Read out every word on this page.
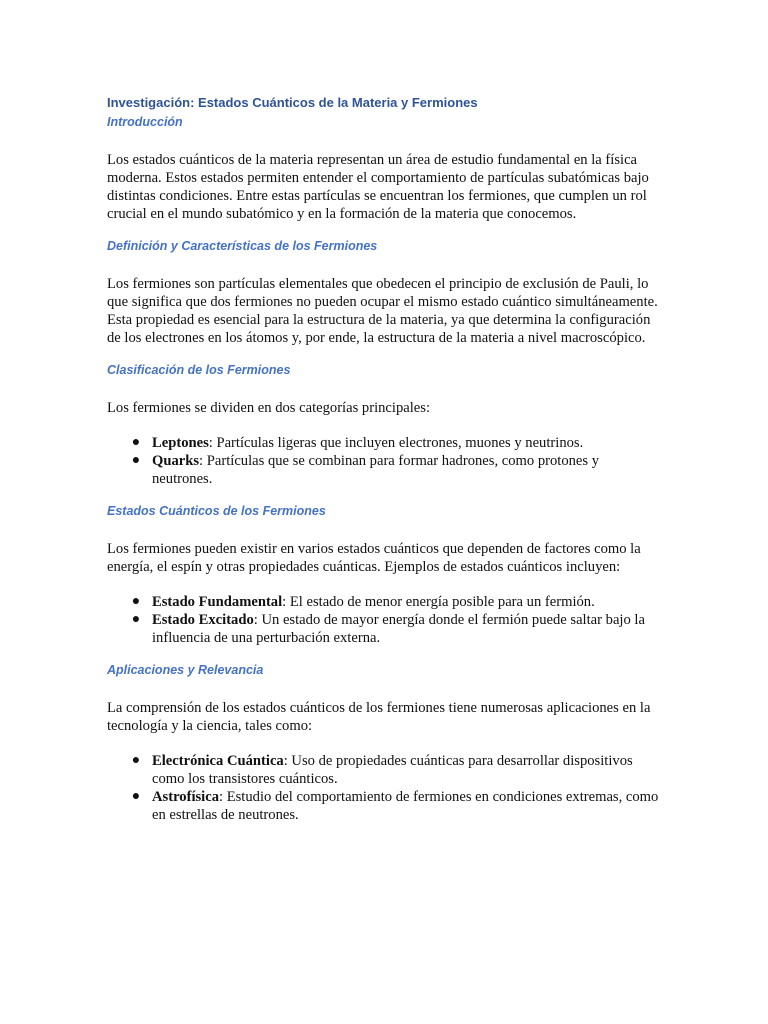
Investigación: Estados Cuánticos de la Materia y Fermiones
Introducción

Los estados cuánticos de la materia representan un área de estudio fundamental en la física moderna. Estos estados permiten entender el comportamiento de partículas subatómicas bajo distintas condiciones. Entre estas partículas se encuentran los fermiones, que cumplen un rol crucial en el mundo subatómico y en la formación de la materia que conocemos.

Definición y Características de los Fermiones

Los fermiones son partículas elementales que obedecen el principio de exclusión de Pauli, lo que significa que dos fermiones no pueden ocupar el mismo estado cuántico simultáneamente. Esta propiedad es esencial para la estructura de la materia, ya que determina la configuración de los electrones en los átomos y, por ende, la estructura de la materia a nivel macroscópico.

Clasificación de los Fermiones

Los fermiones se dividen en dos categorías principales:

● Leptones: Partículas ligeras que incluyen electrones, muones y neutrinos.
● Quarks: Partículas que se combinan para formar hadrones, como protones y neutrones.
Estados Cuánticos de los Fermiones

Los fermiones pueden existir en varios estados cuánticos que dependen de factores como la energía, el espín y otras propiedades cuánticas. Ejemplos de estados cuánticos incluyen:

● Estado Fundamental: El estado de menor energía posible para un fermión.
● Estado Excitado: Un estado de mayor energía donde el fermión puede saltar bajo la influencia de una perturbación externa.
Aplicaciones y Relevancia

La comprensión de los estados cuánticos de los fermiones tiene numerosas aplicaciones en la tecnología y la ciencia, tales como:

● Electrónica Cuántica: Uso de propiedades cuánticas para desarrollar dispositivos como los transistores cuánticos.
● Astrofísica: Estudio del comportamiento de fermiones en condiciones extremas, como en estrellas de neutrones.
